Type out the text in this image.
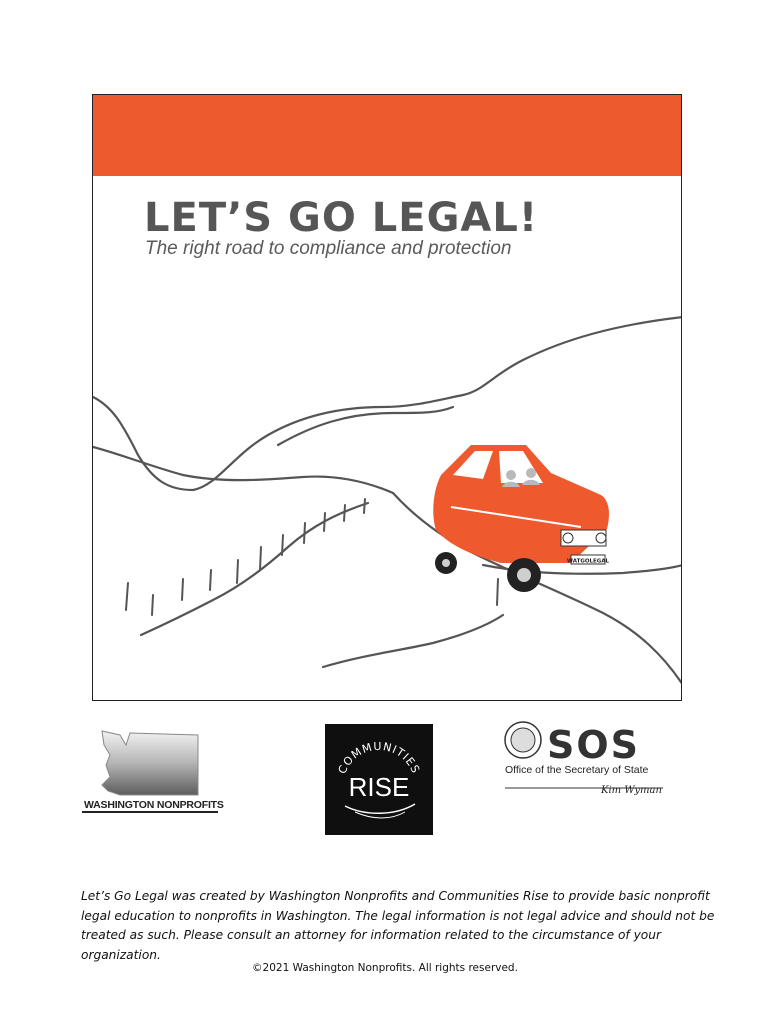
WATGOLEGAL
LET’S GO LEGAL!
The right road to compliance and protection
WASHINGTON NONPROFITS
COMMUNITIES
RISE
SOS
Kim Wyman
Office of the Secretary of State
Let’s Go Legal was created by Washington Nonprofits and Communities Rise to provide basic nonprofit legal education to nonprofits in Washington. The legal information is not legal advice and should not be treated as such. Please consult an attorney for information related to the circumstance of your organization.
©2021 Washington Nonprofits. All rights reserved.
